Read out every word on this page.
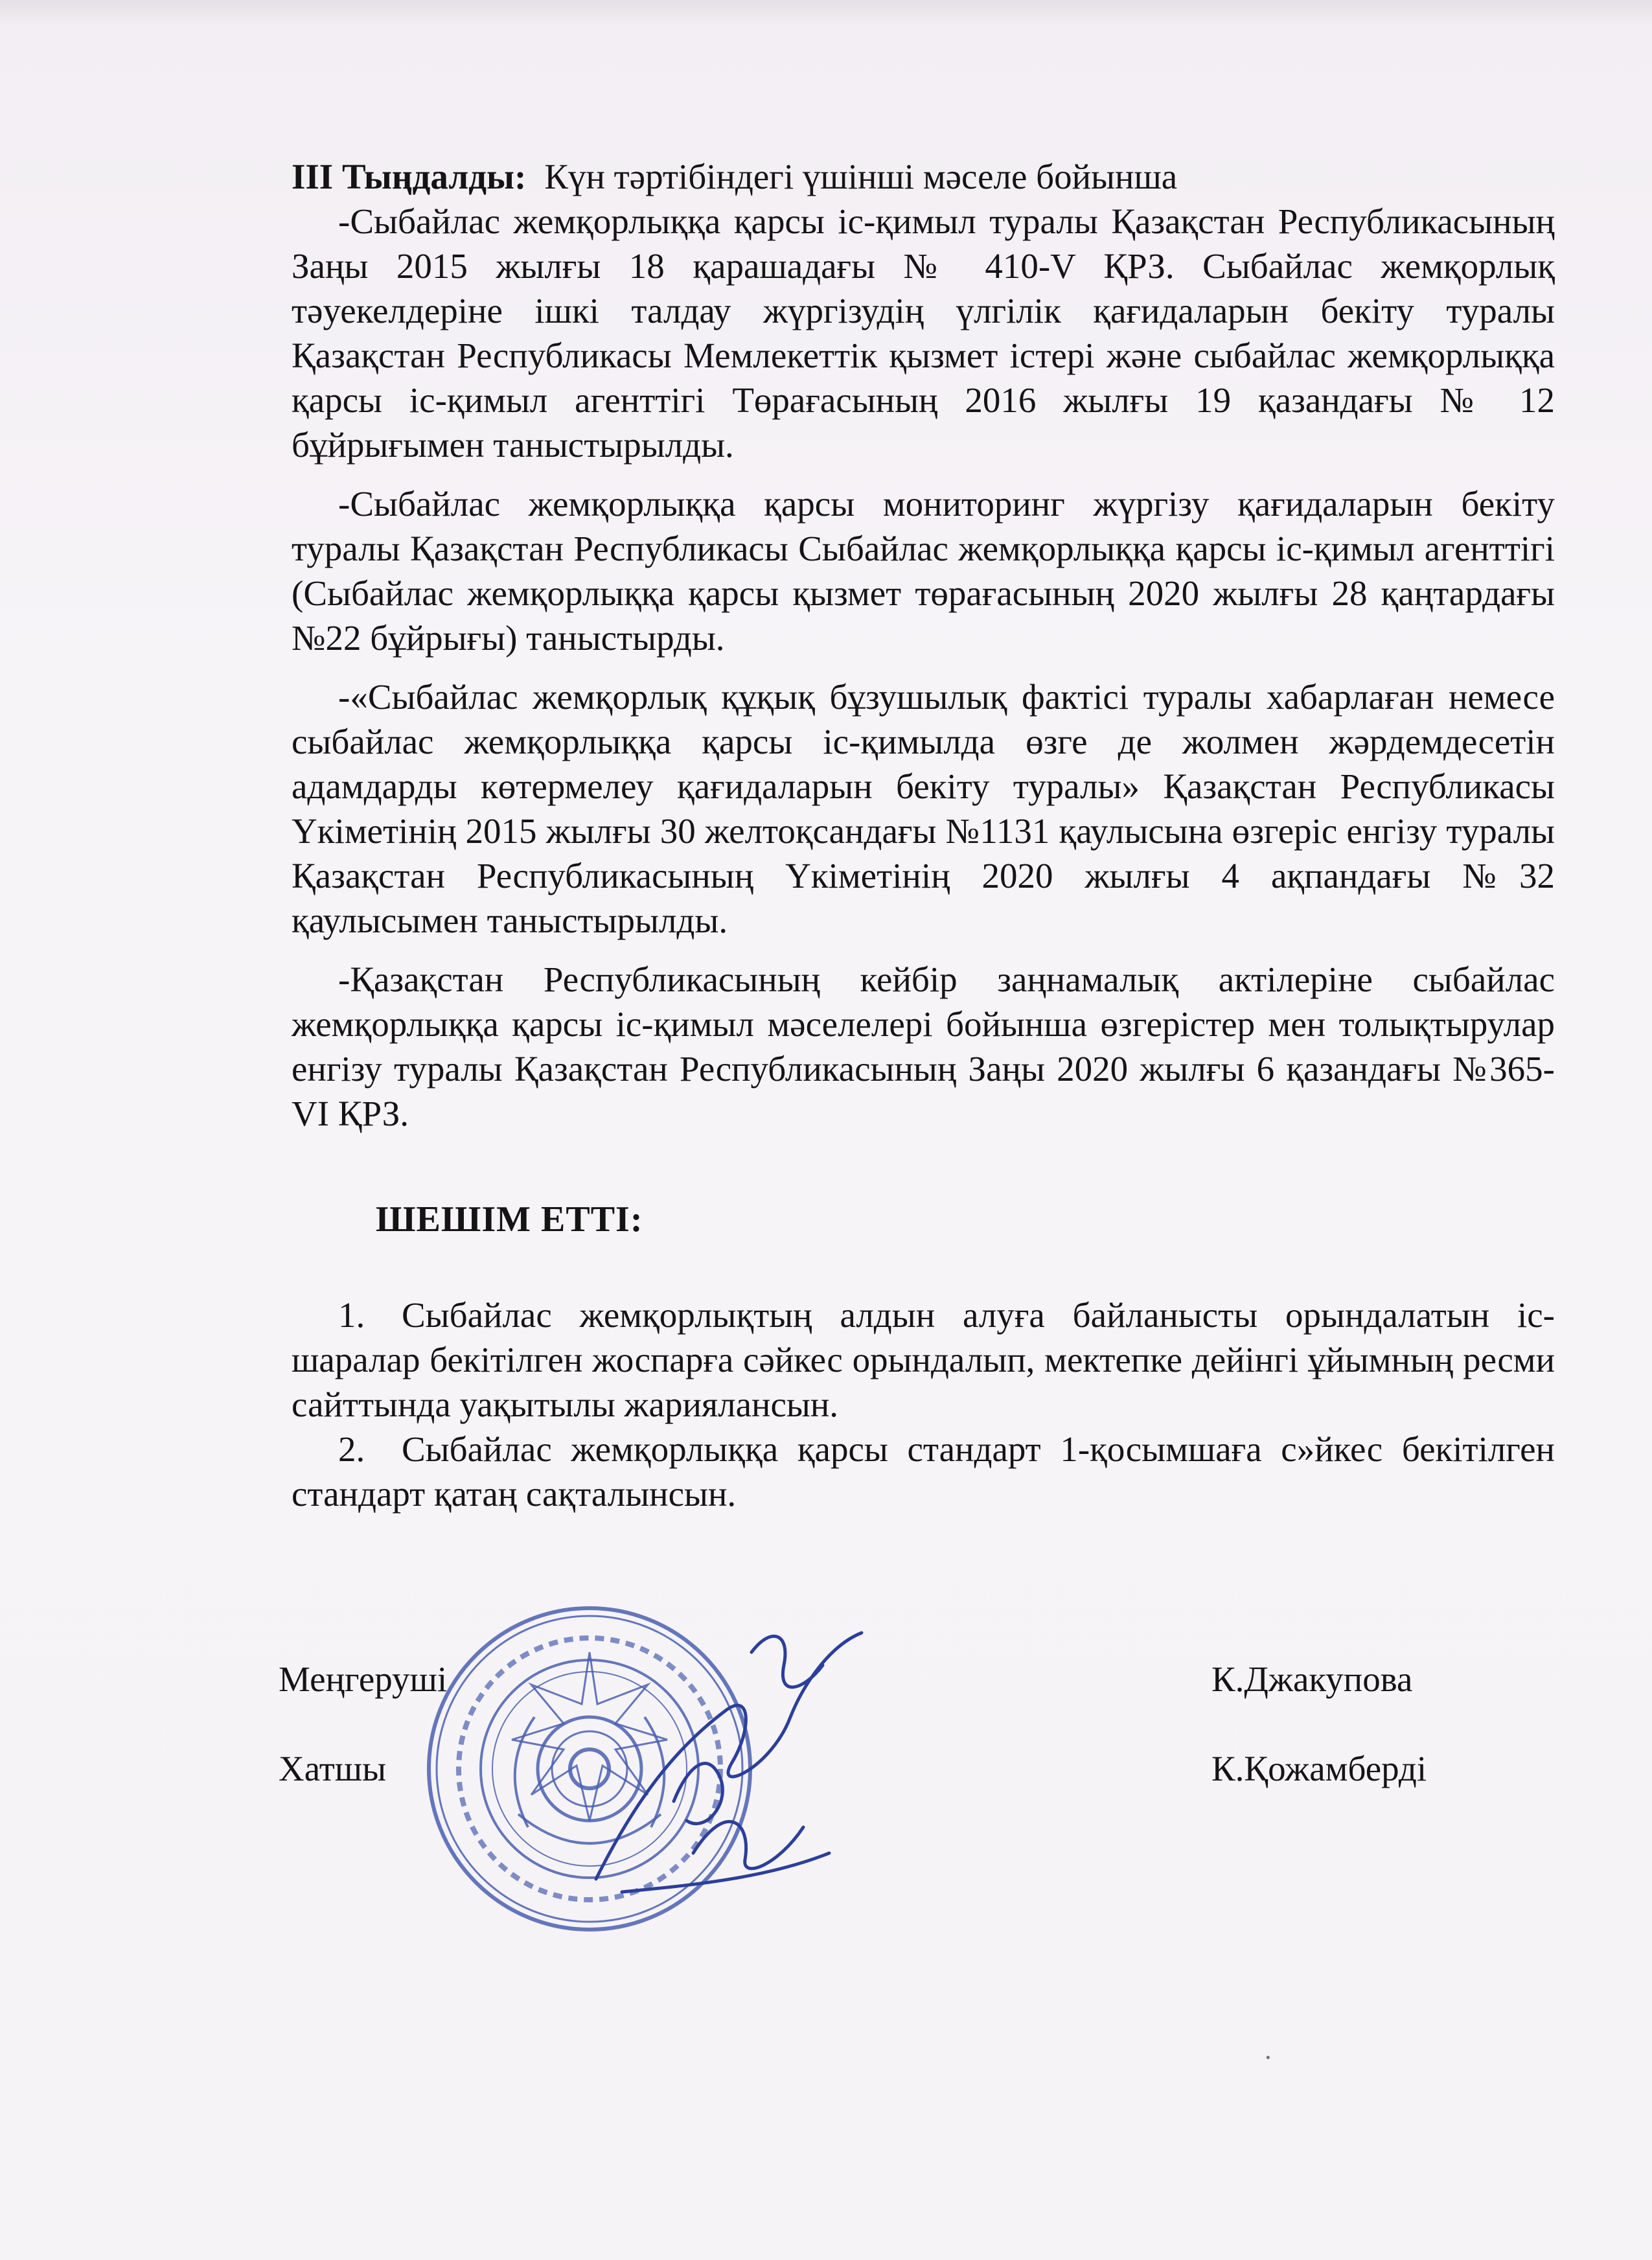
III Тыңдалды: Күн тәртібіндегі үшінші мәселе бойынша

-Сыбайлас жемқорлыққа қарсы іс-қимыл туралы Қазақстан Республикасының Заңы 2015 жылғы 18 қарашадағы № 410-V ҚРЗ. Сыбайлас жемқорлық тәуекелдеріне ішкі талдау жүргізудің үлгілік қағидаларын бекіту туралы Қазақстан Республикасы Мемлекеттік қызмет істері және сыбайлас жемқорлыққа қарсы іс-қимыл агенттігі Төрағасының 2016 жылғы 19 қазандағы № 12 бұйрығымен таныстырылды.

-Сыбайлас жемқорлыққа қарсы мониторинг жүргізу қағидаларын бекіту туралы Қазақстан Республикасы Сыбайлас жемқорлыққа қарсы іс-қимыл агенттігі (Сыбайлас жемқорлыққа қарсы қызмет төрағасының 2020 жылғы 28 қаңтардағы №22 бұйрығы) таныстырды.

-«Сыбайлас жемқорлық құқық бұзушылық фактісі туралы хабарлаған немесе сыбайлас жемқорлыққа қарсы іс-қимылда өзге де жолмен жәрдемдесетін адамдарды көтермелеу қағидаларын бекіту туралы» Қазақстан Республикасы Үкіметінің 2015 жылғы 30 желтоқсандағы №1131 қаулысына өзгеріс енгізу туралы Қазақстан Республикасының Үкіметінің 2020 жылғы 4 ақпандағы №32 қаулысымен таныстырылды.

-Қазақстан Республикасының кейбір заңнамалық актілеріне сыбайлас жемқорлыққа қарсы іс-қимыл мәселелері бойынша өзгерістер мен толықтырулар енгізу туралы Қазақстан Республикасының Заңы 2020 жылғы 6 қазандағы №365-VI ҚРЗ.

ШЕШІМ ЕТТІ:

1. Сыбайлас жемқорлықтың алдын алуға байланысты орындалатын іс-шаралар бекітілген жоспарға сәйкес орындалып, мектепке дейінгі ұйымның ресми сайттында уақытылы жариялансын.

2. Сыбайлас жемқорлыққа қарсы стандарт 1-қосымшаға с»йкес бекітілген стандарт қатаң сақталынсын.

Меңгеруші	К.Джакупова
Хатшы	К.Қожамберді
·
